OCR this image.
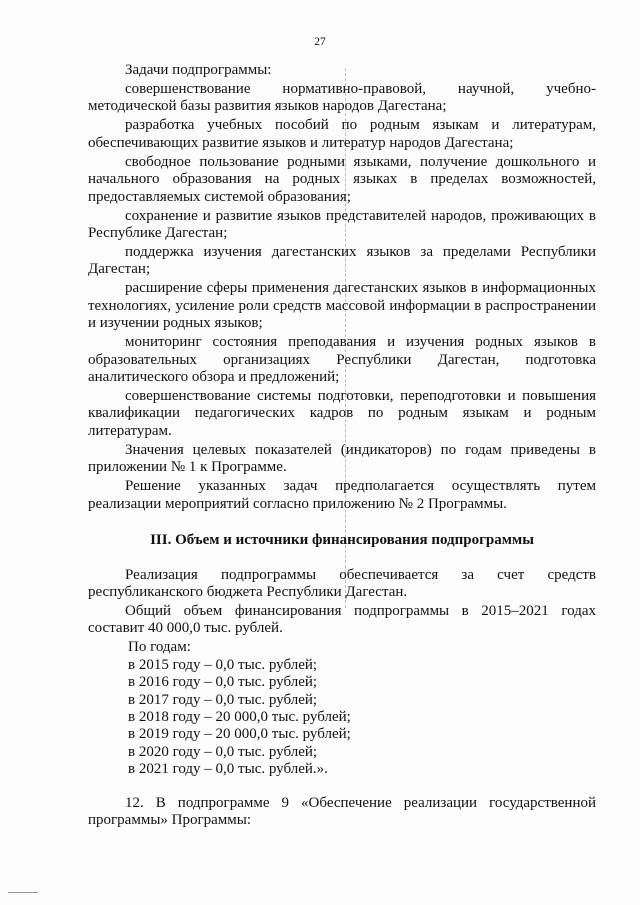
27

Задачи подпрограммы:

совершенствование нормативно-правовой, научной, учебно-методической базы развития языков народов Дагестана;

разработка учебных пособий по родным языкам и литературам, обеспечивающих развитие языков и литератур народов Дагестана;

свободное пользование родными языками, получение дошкольного и начального образования на родных языках в пределах возможностей, предоставляемых системой образования;

сохранение и развитие языков представителей народов, проживающих в Республике Дагестан;

поддержка изучения дагестанских языков за пределами Республики Дагестан;

расширение сферы применения дагестанских языков в информационных технологиях, усиление роли средств массовой информации в распространении и изучении родных языков;

мониторинг состояния преподавания и изучения родных языков в образовательных организациях Республики Дагестан, подготовка аналитического обзора и предложений;

совершенствование системы подготовки, переподготовки и повышения квалификации педагогических кадров по родным языкам и родным литературам.

Значения целевых показателей (индикаторов) по годам приведены в приложении № 1 к Программе.

Решение указанных задач предполагается осуществлять путем реализации мероприятий согласно приложению № 2 Программы.

III. Объем и источники финансирования подпрограммы

Реализация подпрограммы обеспечивается за счет средств республиканского бюджета Республики Дагестан.

Общий объем финансирования подпрограммы в 2015–2021 годах составит 40 000,0 тыс. рублей.

По годам:

в 2015 году – 0,0 тыс. рублей;

в 2016 году – 0,0 тыс. рублей;

в 2017 году – 0,0 тыс. рублей;

в 2018 году – 20 000,0 тыс. рублей;

в 2019 году – 20 000,0 тыс. рублей;

в 2020 году – 0,0 тыс. рублей;

в 2021 году – 0,0 тыс. рублей.».

12. В подпрограмме 9 «Обеспечение реализации государственной программы» Программы:
